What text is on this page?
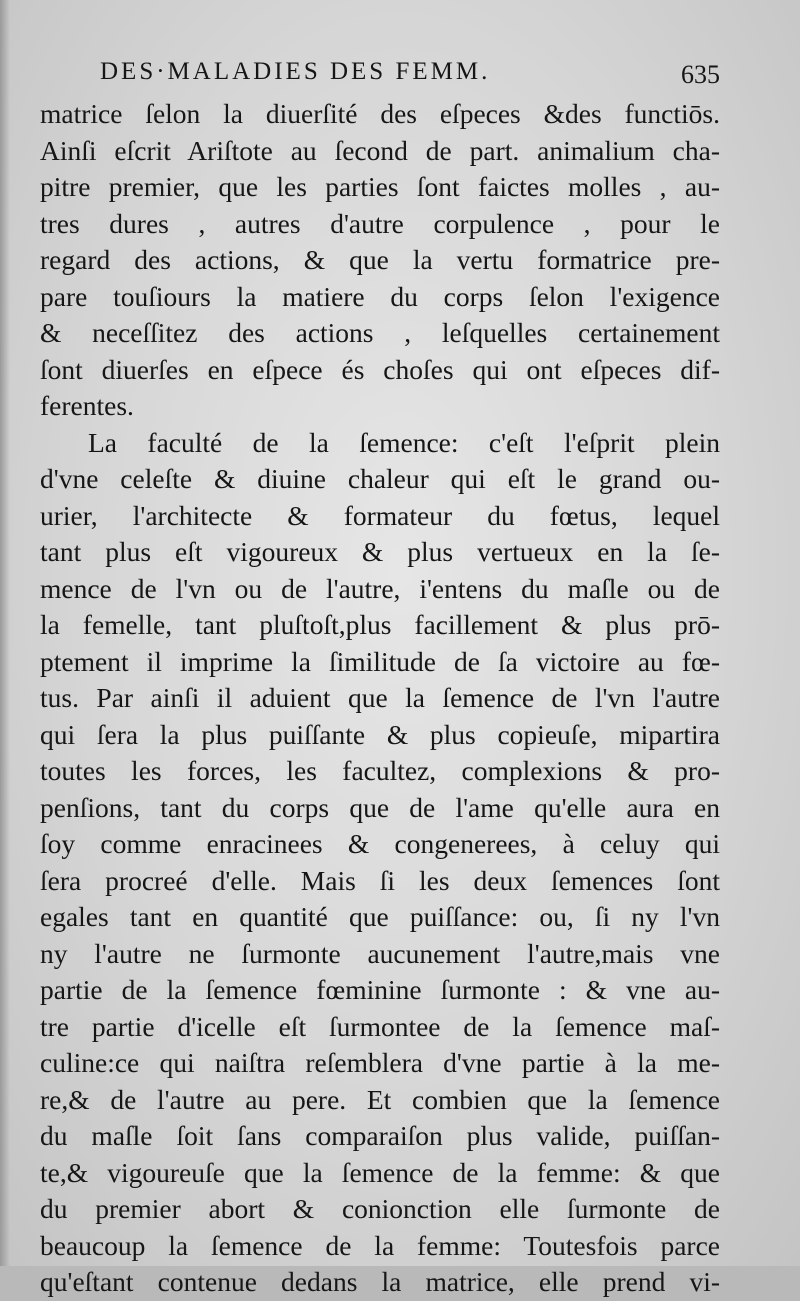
DES·MALADIES DES FEMM.	635
matrice ſelon la diuerſité des eſpeces &des functiōs.
Ainſi eſcrit Ariſtote au ſecond de part. animalium cha-
pitre premier, que les parties ſont faictes molles , au-
tres dures , autres d'autre corpulence , pour le
regard des actions, & que la vertu formatrice pre-
pare touſiours la matiere du corps ſelon l'exigence
& neceſſitez des actions , leſquelles certainement
ſont diuerſes en eſpece és choſes qui ont eſpeces dif-
ferentes.
La faculté de la ſemence: c'eſt l'eſprit plein
d'vne celeſte & diuine chaleur qui eſt le grand ou-
urier, l'architecte & formateur du fœtus, lequel
tant plus eſt vigoureux & plus vertueux en la ſe-
mence de l'vn ou de l'autre, i'entens du maſle ou de
la femelle, tant pluſtoſt,plus facillement & plus prō-
ptement il imprime la ſimilitude de ſa victoire au fœ-
tus. Par ainſi il aduient que la ſemence de l'vn l'autre
qui ſera la plus puiſſante & plus copieuſe, mipartira
toutes les forces, les facultez, complexions & pro-
penſions, tant du corps que de l'ame qu'elle aura en
ſoy comme enracinees & congenerees, à celuy qui
ſera procreé d'elle. Mais ſi les deux ſemences ſont
egales tant en quantité que puiſſance: ou, ſi ny l'vn
ny l'autre ne ſurmonte aucunement l'autre,mais vne
partie de la ſemence fœminine ſurmonte : & vne au-
tre partie d'icelle eſt ſurmontee de la ſemence maſ-
culine:ce qui naiſtra reſemblera d'vne partie à la me-
re,& de l'autre au pere. Et combien que la ſemence
du maſle ſoit ſans comparaiſon plus valide, puiſſan-
te,& vigoureuſe que la ſemence de la femme: & que
du premier abort & conionction elle ſurmonte de
beaucoup la ſemence de la femme: Toutesfois parce
qu'eſtant contenue dedans la matrice, elle prend vi-
